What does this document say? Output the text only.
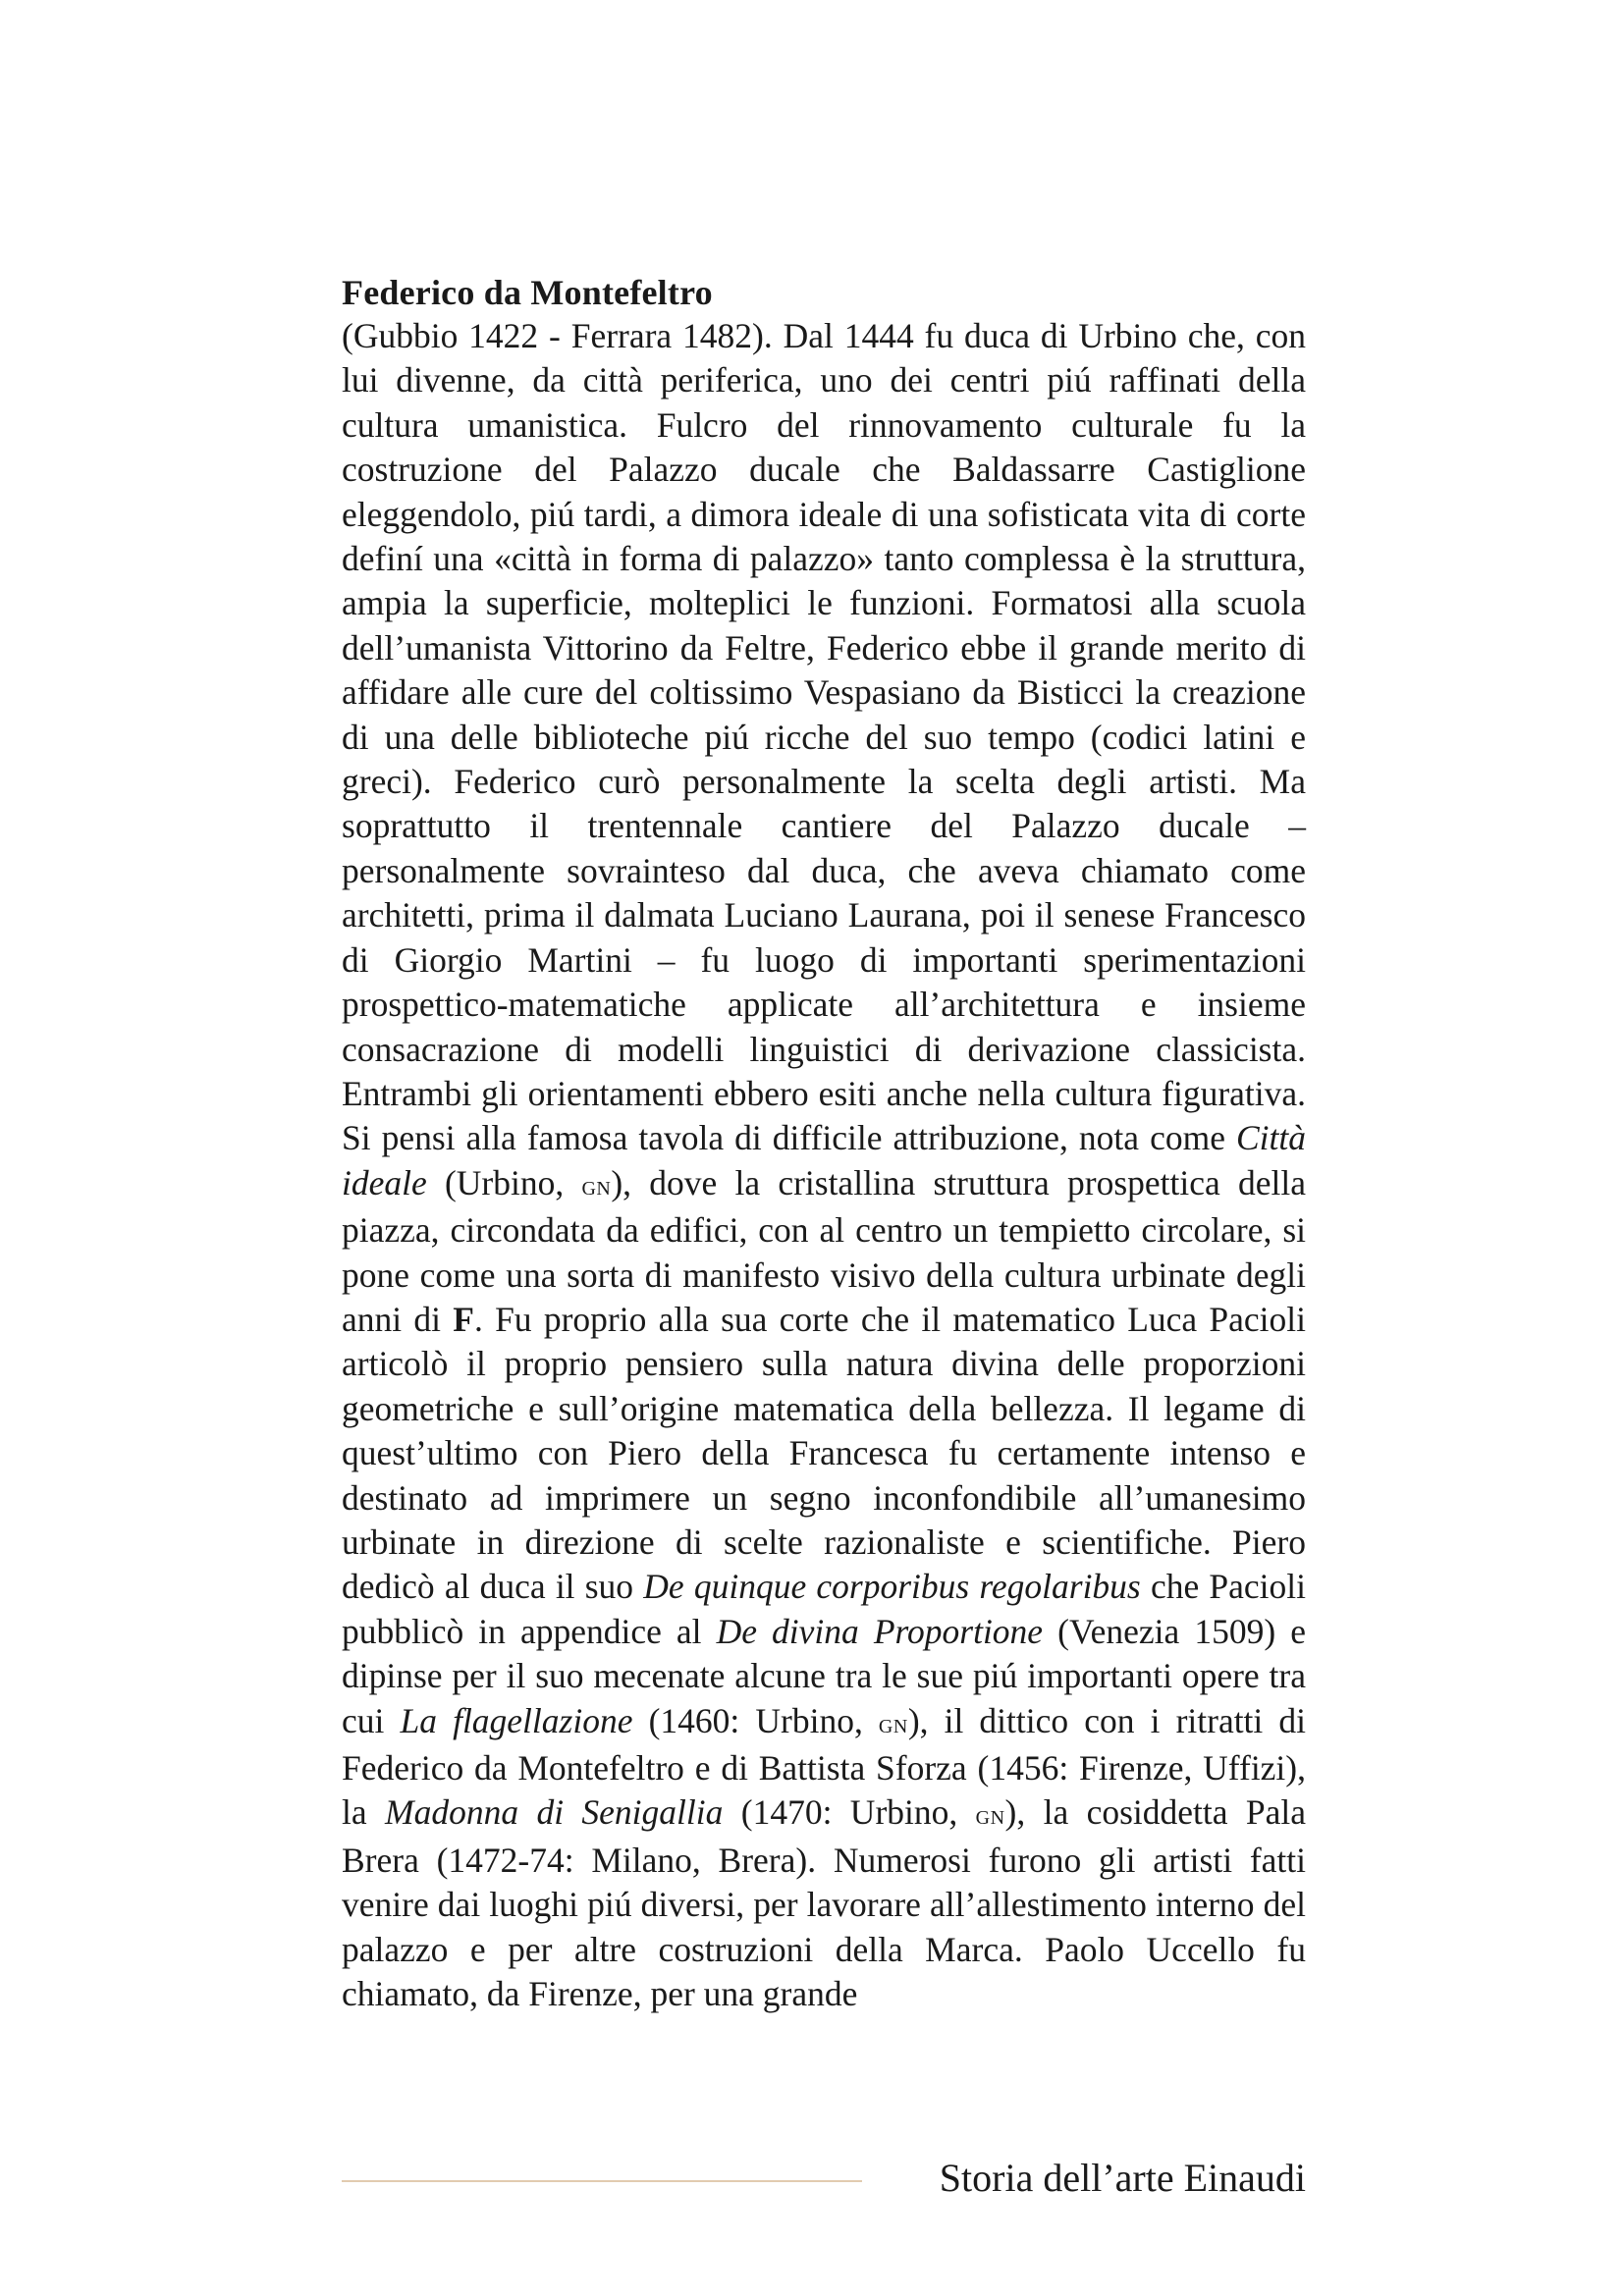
Federico da Montefeltro

(Gubbio 1422 - Ferrara 1482). Dal 1444 fu duca di Urbino che, con lui divenne, da città periferica, uno dei centri piú raffinati della cultura umanistica. Fulcro del rinnovamento culturale fu la costruzione del Palazzo ducale che Baldassarre Castiglione eleggendolo, piú tardi, a dimora ideale di una sofisticata vita di corte definí una «città in forma di palazzo» tanto complessa è la struttura, ampia la superficie, molteplici le funzioni. Formatosi alla scuola dell’umanista Vittorino da Feltre, Federico ebbe il grande merito di affidare alle cure del coltissimo Vespasiano da Bisticci la creazione di una delle biblioteche piú ricche del suo tempo (codici latini e greci). Federico curò personalmente la scelta degli artisti. Ma soprattutto il trentennale cantiere del Palazzo ducale – personalmente sovrainteso dal duca, che aveva chiamato come architetti, prima il dalmata Luciano Laurana, poi il senese Francesco di Giorgio Martini – fu luogo di importanti sperimentazioni prospettico-matematiche applicate all’architettura e insieme consacrazione di modelli linguistici di derivazione classicista. Entrambi gli orientamenti ebbero esiti anche nella cultura figurativa. Si pensi alla famosa tavola di difficile attribuzione, nota come Città ideale (Urbino, gn), dove la cristallina struttura prospettica della piazza, circondata da edifici, con al centro un tempietto circolare, si pone come una sorta di manifesto visivo della cultura urbinate degli anni di F. Fu proprio alla sua corte che il matematico Luca Pacioli articolò il proprio pensiero sulla natura divina delle proporzioni geometriche e sull’origine matematica della bellezza. Il legame di quest’ultimo con Piero della Francesca fu certamente intenso e destinato ad imprimere un segno inconfondibile all’umanesimo urbinate in direzione di scelte razionaliste e scientifiche. Piero dedicò al duca il suo De quinque corporibus regolaribus che Pacioli pubblicò in appendice al De divina Proportione (Venezia 1509) e dipinse per il suo mecenate alcune tra le sue piú importanti opere tra cui La flagellazione (1460: Urbino, gn), il dittico con i ritratti di Federico da Montefeltro e di Battista Sforza (1456: Firenze, Uffizi), la Madonna di Senigallia (1470: Urbino, gn), la cosiddetta Pala Brera (1472-74: Milano, Brera). Numerosi furono gli artisti fatti venire dai luoghi piú diversi, per lavorare all’allestimento interno del palazzo e per altre costruzioni della Marca. Paolo Uccello fu chiamato, da Firenze, per una grande

Storia dell’arte Einaudi
